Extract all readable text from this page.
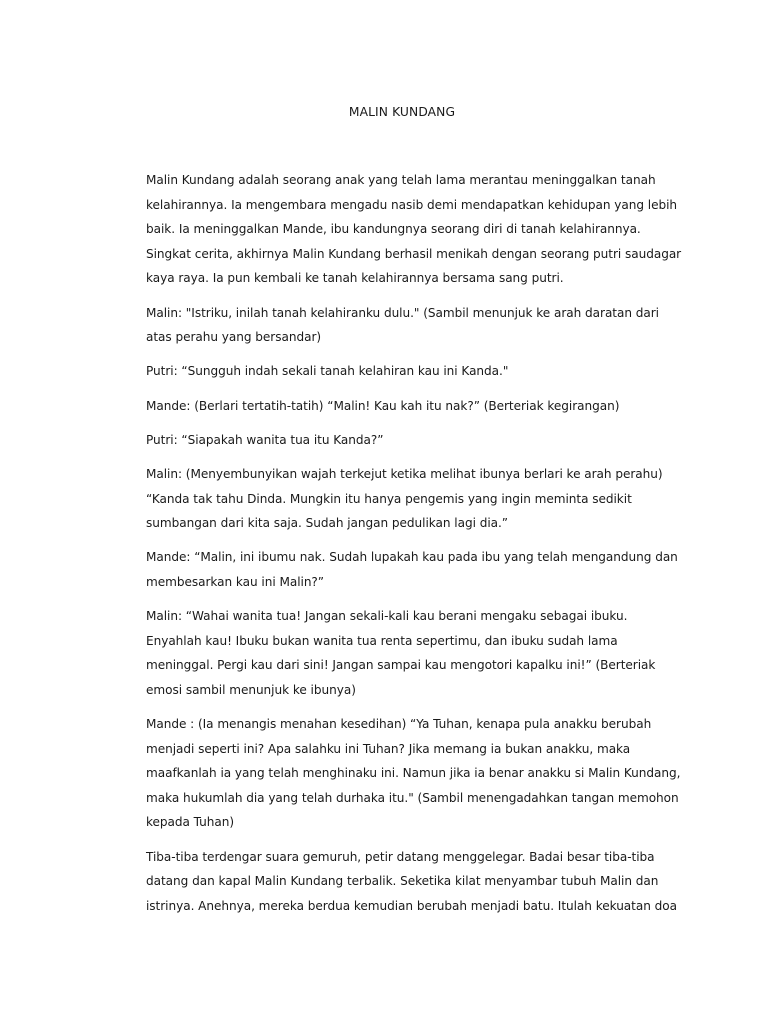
MALIN KUNDANG

Malin Kundang adalah seorang anak yang telah lama merantau meninggalkan tanah
kelahirannya. Ia mengembara mengadu nasib demi mendapatkan kehidupan yang lebih
baik. Ia meninggalkan Mande, ibu kandungnya seorang diri di tanah kelahirannya.
Singkat cerita, akhirnya Malin Kundang berhasil menikah dengan seorang putri saudagar
kaya raya. Ia pun kembali ke tanah kelahirannya bersama sang putri.

Malin: "Istriku, inilah tanah kelahiranku dulu." (Sambil menunjuk ke arah daratan dari
atas perahu yang bersandar)

Putri: “Sungguh indah sekali tanah kelahiran kau ini Kanda."

Mande: (Berlari tertatih-tatih) “Malin! Kau kah itu nak?” (Berteriak kegirangan)

Putri: “Siapakah wanita tua itu Kanda?”

Malin: (Menyembunyikan wajah terkejut ketika melihat ibunya berlari ke arah perahu)
“Kanda tak tahu Dinda. Mungkin itu hanya pengemis yang ingin meminta sedikit
sumbangan dari kita saja. Sudah jangan pedulikan lagi dia.”

Mande: “Malin, ini ibumu nak. Sudah lupakah kau pada ibu yang telah mengandung dan
membesarkan kau ini Malin?”

Malin: “Wahai wanita tua! Jangan sekali-kali kau berani mengaku sebagai ibuku.
Enyahlah kau! Ibuku bukan wanita tua renta sepertimu, dan ibuku sudah lama
meninggal. Pergi kau dari sini! Jangan sampai kau mengotori kapalku ini!” (Berteriak
emosi sambil menunjuk ke ibunya)

Mande : (Ia menangis menahan kesedihan) “Ya Tuhan, kenapa pula anakku berubah
menjadi seperti ini? Apa salahku ini Tuhan? Jika memang ia bukan anakku, maka
maafkanlah ia yang telah menghinaku ini. Namun jika ia benar anakku si Malin Kundang,
maka hukumlah dia yang telah durhaka itu." (Sambil menengadahkan tangan memohon
kepada Tuhan)

Tiba-tiba terdengar suara gemuruh, petir datang menggelegar. Badai besar tiba-tiba
datang dan kapal Malin Kundang terbalik. Seketika kilat menyambar tubuh Malin dan
istrinya. Anehnya, mereka berdua kemudian berubah menjadi batu. Itulah kekuatan doa
